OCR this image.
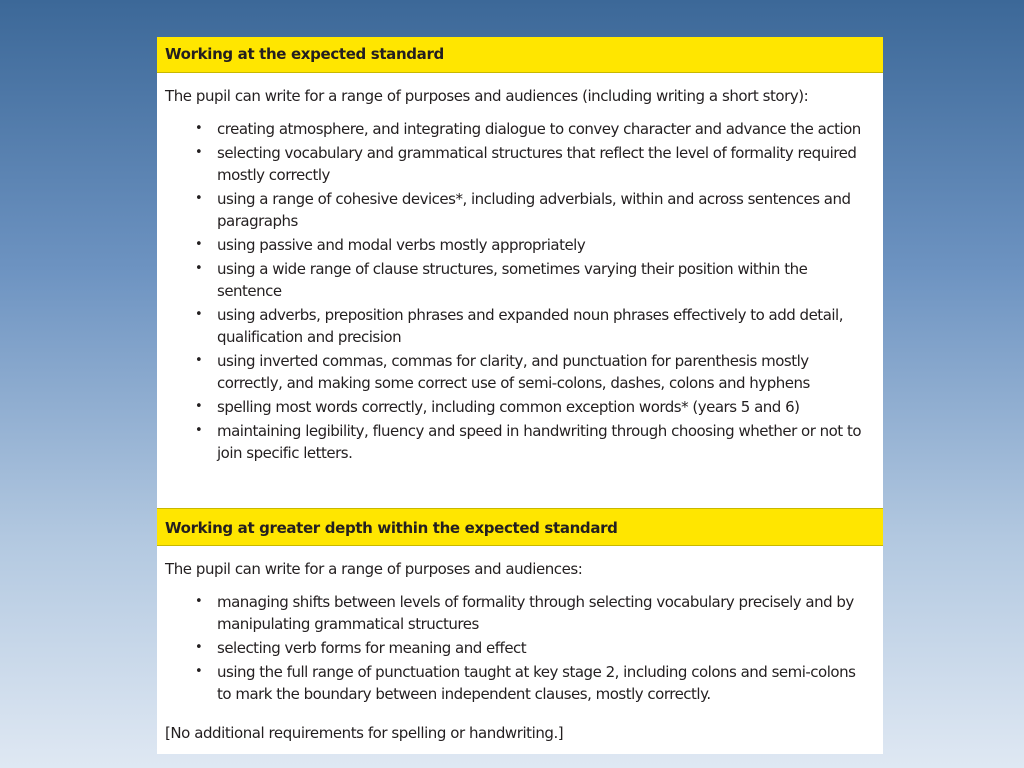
Working at the expected standard
The pupil can write for a range of purposes and audiences (including writing a short story):
• creating atmosphere, and integrating dialogue to convey character and advance the action
• selecting vocabulary and grammatical structures that reflect the level of formality required mostly correctly
• using a range of cohesive devices*, including adverbials, within and across sentences and paragraphs
• using passive and modal verbs mostly appropriately
• using a wide range of clause structures, sometimes varying their position within the sentence
• using adverbs, preposition phrases and expanded noun phrases effectively to add detail, qualification and precision
• using inverted commas, commas for clarity, and punctuation for parenthesis mostly correctly, and making some correct use of semi-colons, dashes, colons and hyphens
• spelling most words correctly, including common exception words* (years 5 and 6)
• maintaining legibility, fluency and speed in handwriting through choosing whether or not to join specific letters.
Working at greater depth within the expected standard
The pupil can write for a range of purposes and audiences:
• managing shifts between levels of formality through selecting vocabulary precisely and by manipulating grammatical structures
• selecting verb forms for meaning and effect
• using the full range of punctuation taught at key stage 2, including colons and semi-colons to mark the boundary between independent clauses, mostly correctly.
[No additional requirements for spelling or handwriting.]
